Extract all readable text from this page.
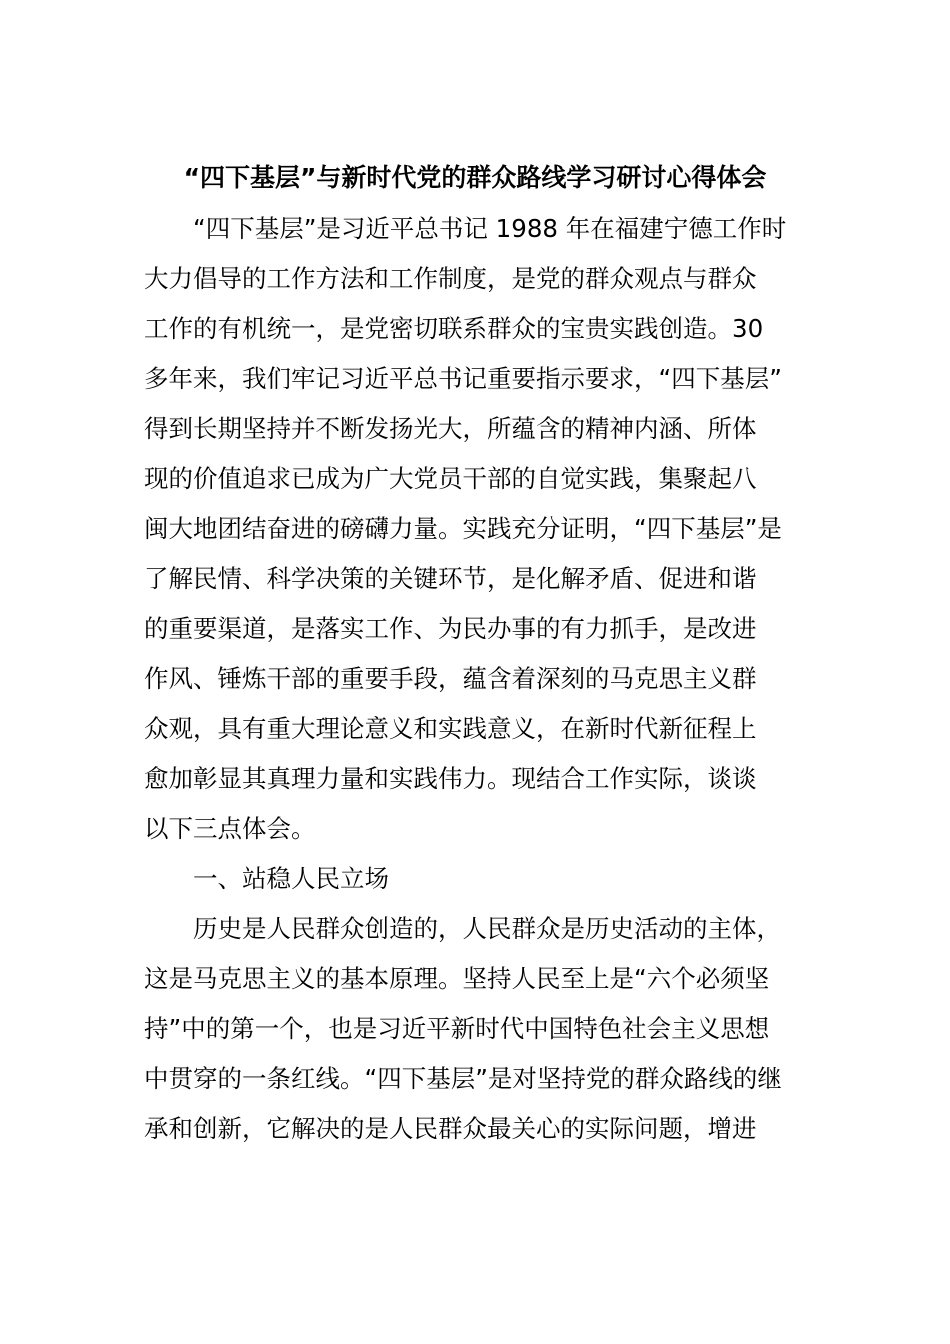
“四下基层”与新时代党的群众路线学习研讨心得体会
　　“四下基层”是习近平总书记 1988 年在福建宁德工作时
大力倡导的工作方法和工作制度，是党的群众观点与群众
工作的有机统一，是党密切联系群众的宝贵实践创造。30
多年来，我们牢记习近平总书记重要指示要求，“四下基层”
得到长期坚持并不断发扬光大，所蕴含的精神内涵、所体
现的价值追求已成为广大党员干部的自觉实践，集聚起八
闽大地团结奋进的磅礴力量。实践充分证明，“四下基层”是
了解民情、科学决策的关键环节，是化解矛盾、促进和谐
的重要渠道，是落实工作、为民办事的有力抓手，是改进
作风、锤炼干部的重要手段，蕴含着深刻的马克思主义群
众观，具有重大理论意义和实践意义，在新时代新征程上
愈加彰显其真理力量和实践伟力。现结合工作实际，谈谈
以下三点体会。
　　一、站稳人民立场
　　历史是人民群众创造的，人民群众是历史活动的主体，
这是马克思主义的基本原理。坚持人民至上是“六个必须坚
持”中的第一个，也是习近平新时代中国特色社会主义思想
中贯穿的一条红线。“四下基层”是对坚持党的群众路线的继
承和创新，它解决的是人民群众最关心的实际问题，增进
